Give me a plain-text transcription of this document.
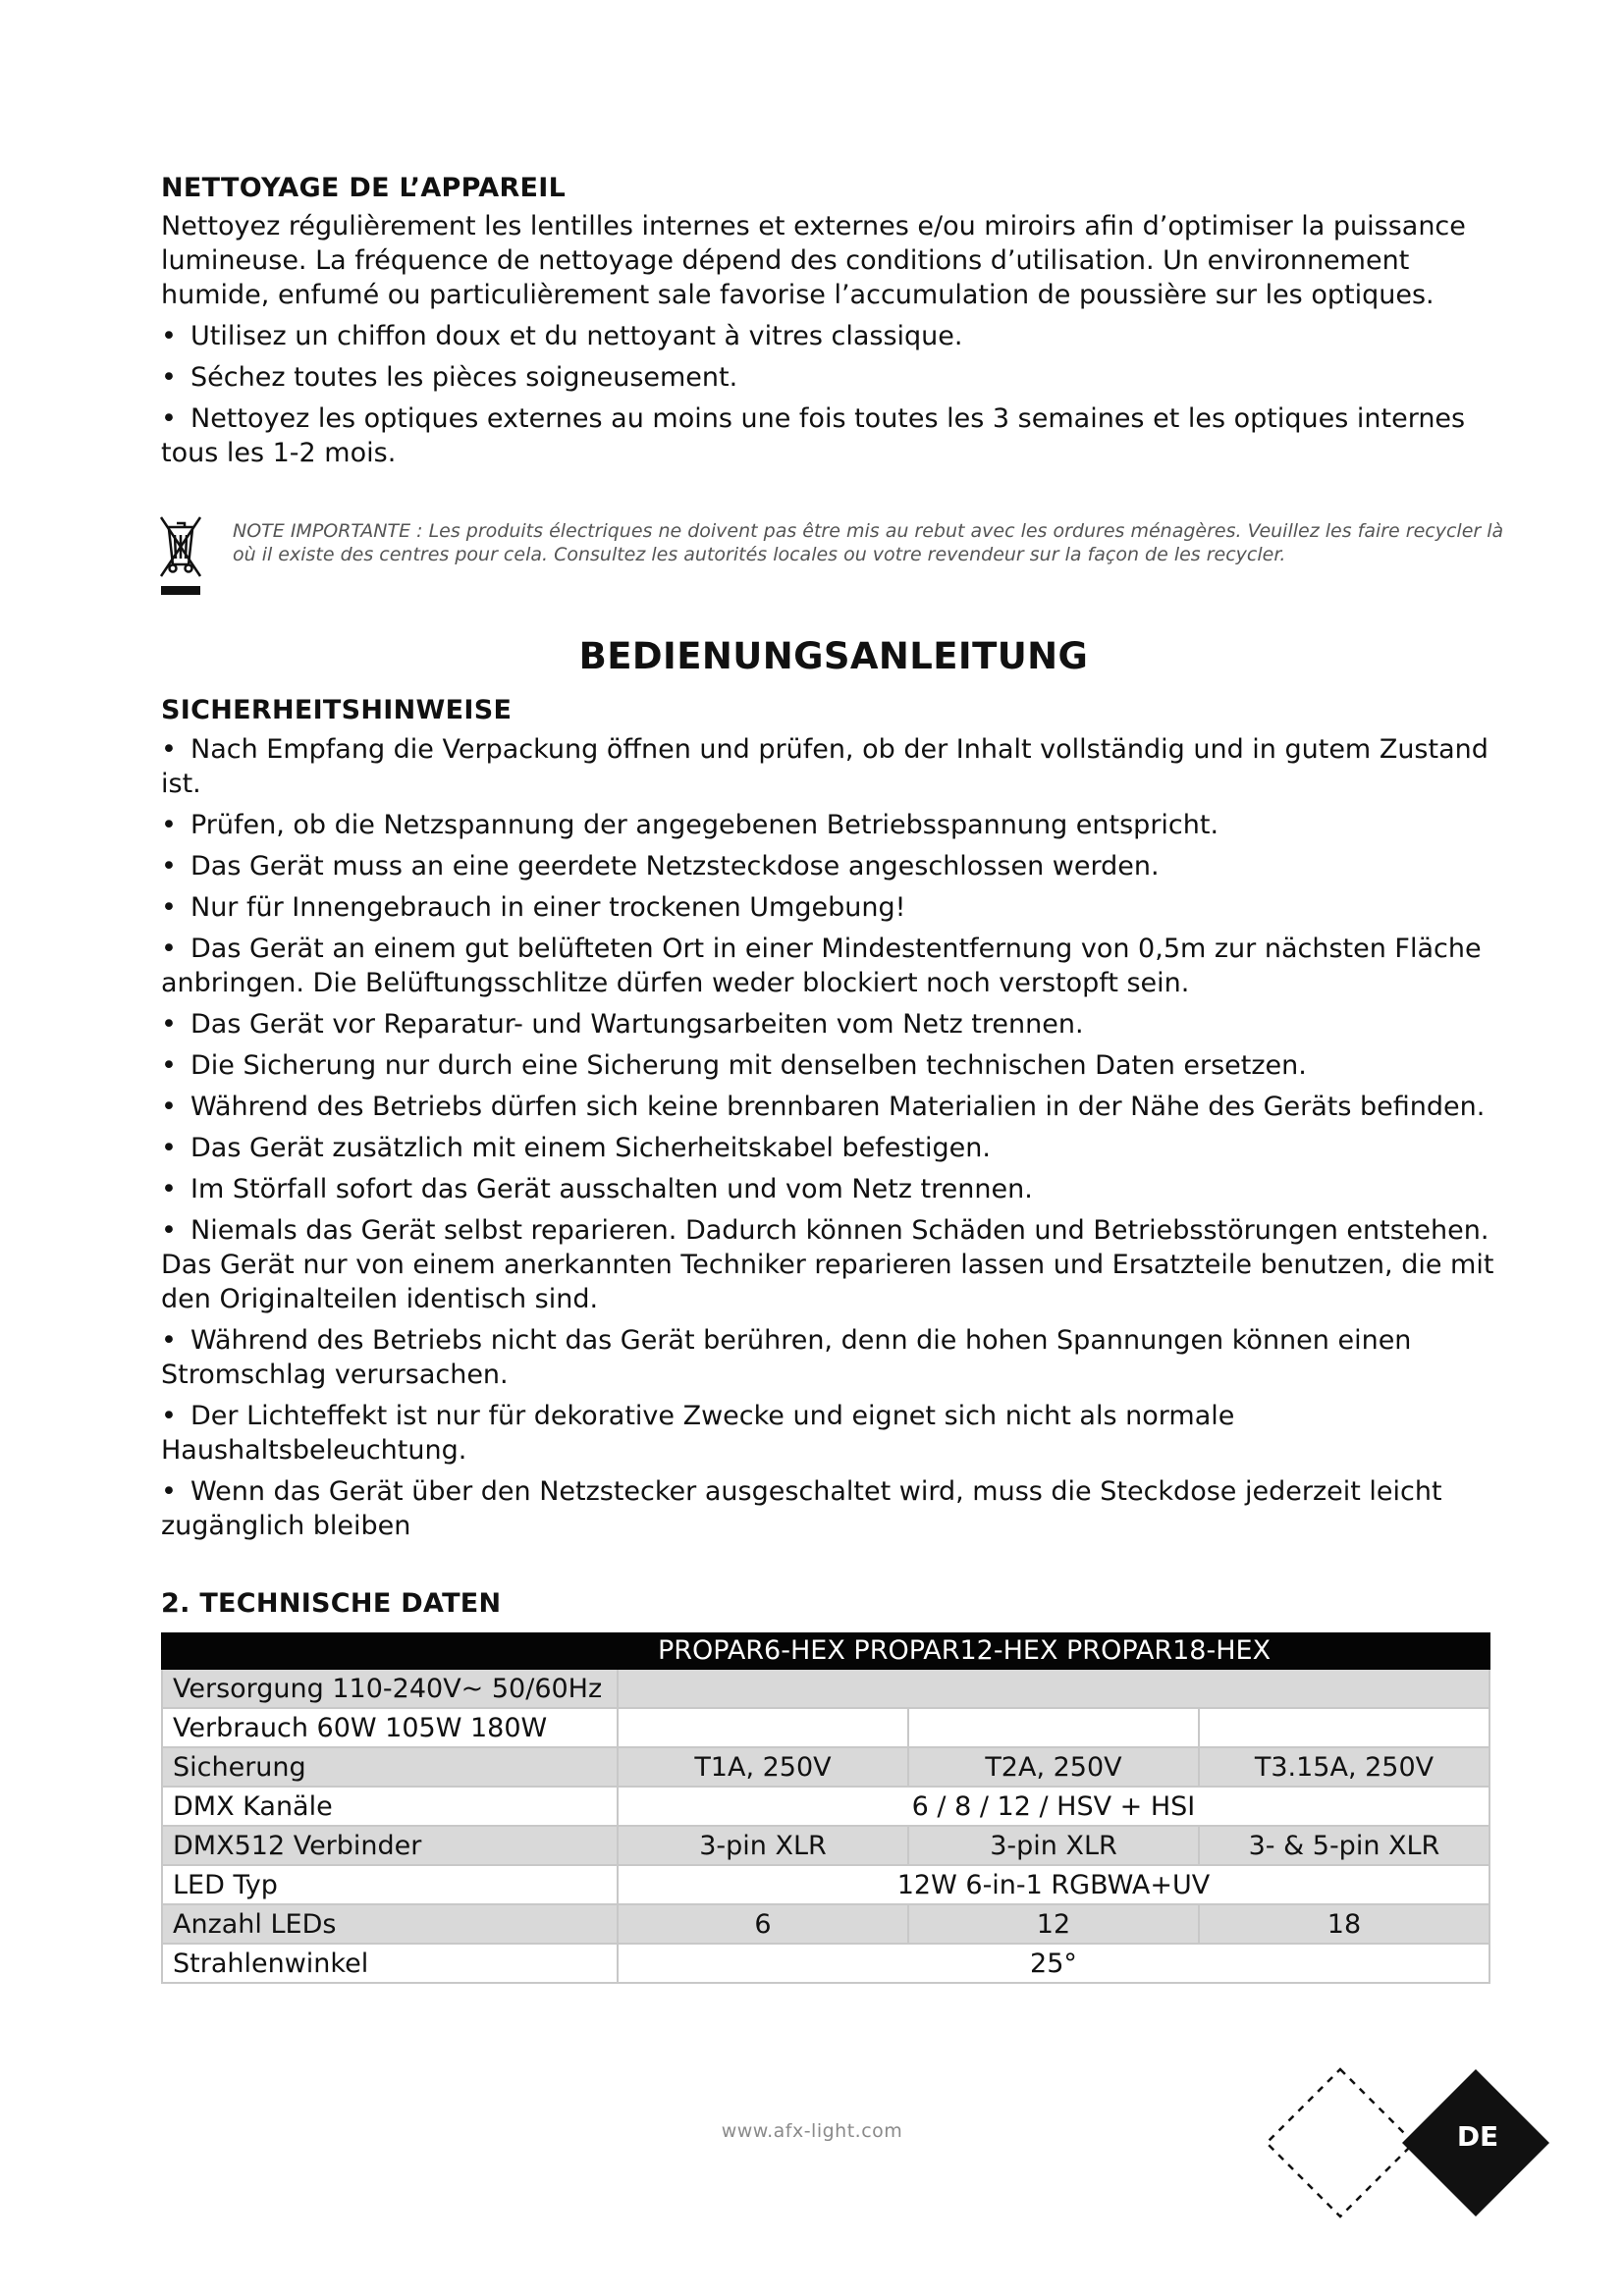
NETTOYAGE DE L’APPAREIL

Nettoyez régulièrement les lentilles internes et externes e/ou miroirs afin d’optimiser la puissance lumineuse. La fréquence de nettoyage dépend des conditions d’utilisation. Un environnement humide, enfumé ou particulièrement sale favorise l’accumulation de poussière sur les optiques.

• Utilisez un chiffon doux et du nettoyant à vitres classique.
• Séchez toutes les pièces soigneusement.
• Nettoyez les optiques externes au moins une fois toutes les 3 semaines et les optiques internes tous les 1-2 mois.
NOTE IMPORTANTE : Les produits électriques ne doivent pas être mis au rebut avec les ordures ménagères. Veuillez les faire recycler là où il existe des centres pour cela. Consultez les autorités locales ou votre revendeur sur la façon de les recycler.
BEDIENUNGSANLEITUNG
SICHERHEITSHINWEISE
• Nach Empfang die Verpackung öffnen und prüfen, ob der Inhalt vollständig und in gutem Zustand ist.
• Prüfen, ob die Netzspannung der angegebenen Betriebsspannung entspricht.
• Das Gerät muss an eine geerdete Netzsteckdose angeschlossen werden.
• Nur für Innengebrauch in einer trockenen Umgebung!
• Das Gerät an einem gut belüfteten Ort in einer Mindestentfernung von 0,5m zur nächsten Fläche anbringen. Die Belüftungsschlitze dürfen weder blockiert noch verstopft sein.
• Das Gerät vor Reparatur- und Wartungsarbeiten vom Netz trennen.
• Die Sicherung nur durch eine Sicherung mit denselben technischen Daten ersetzen.
• Während des Betriebs dürfen sich keine brennbaren Materialien in der Nähe des Geräts befinden.
• Das Gerät zusätzlich mit einem Sicherheitskabel befestigen.
• Im Störfall sofort das Gerät ausschalten und vom Netz trennen.
• Niemals das Gerät selbst reparieren. Dadurch können Schäden und Betriebsstörungen entstehen. Das Gerät nur von einem anerkannten Techniker reparieren lassen und Ersatzteile benutzen, die mit den Originalteilen identisch sind.
• Während des Betriebs nicht das Gerät berühren, denn die hohen Spannungen können einen Stromschlag verursachen.
• Der Lichteffekt ist nur für dekorative Zwecke und eignet sich nicht als normale Haushaltsbeleuchtung.
• Wenn das Gerät über den Netzstecker ausgeschaltet wird, muss die Steckdose jederzeit leicht zugänglich bleiben
2. TECHNISCHE DATEN

	PROPAR6-HEX PROPAR12-HEX PROPAR18-HEX		

Versorgung 110-240V~ 50/60Hz			
Verbrauch 60W 105W 180W			
Sicherung	T1A, 250V	T2A, 250V	T3.15A, 250V
DMX Kanäle	6 / 8 / 12 / HSV + HSI		
DMX512 Verbinder	3-pin XLR	3-pin XLR	3- & 5-pin XLR
LED Typ	12W 6-in-1 RGBWA+UV		
Anzahl LEDs	6	12	18
Strahlenwinkel	25°		
www.afx-light.com	DE
